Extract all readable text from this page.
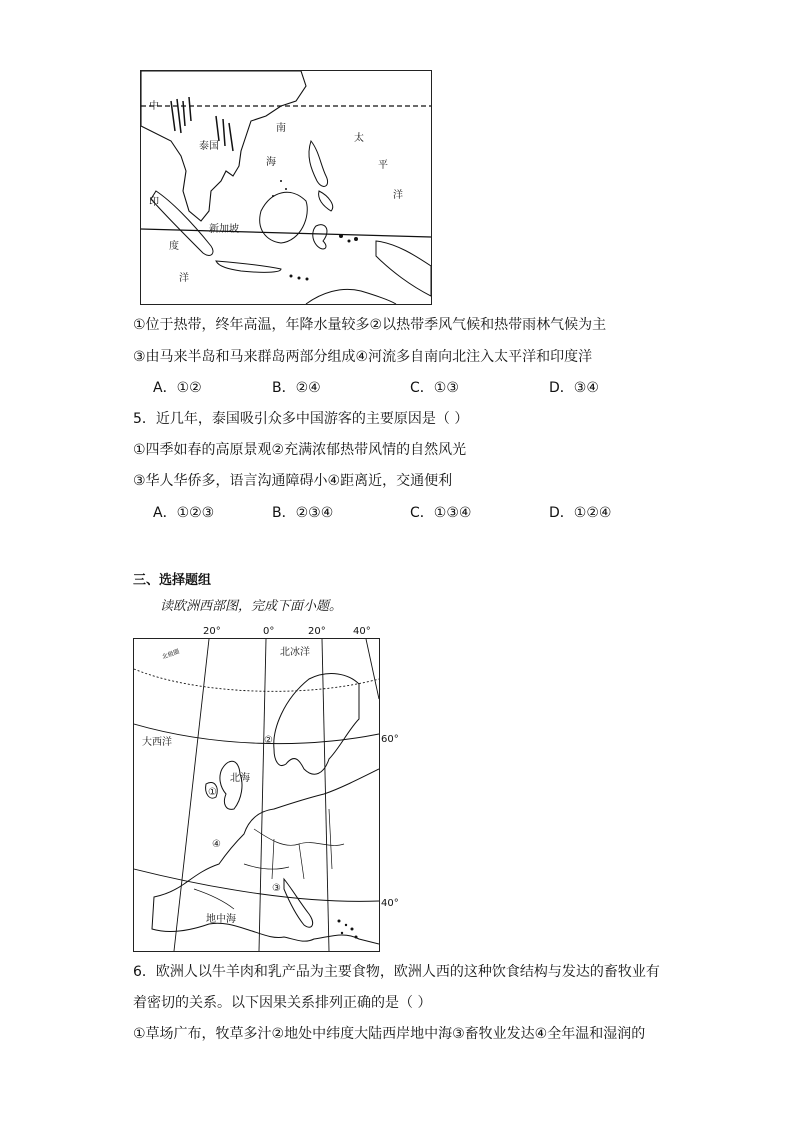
中
南
泰国
海
太
平
洋
印
新加坡
度
洋
①位于热带，终年高温，年降水量较多②以热带季风气候和热带雨林气候为主
③由马来半岛和马来群岛两部分组成④河流多自南向北注入太平洋和印度洋
A．①②	B．②④	C．①③	D．③④
5．近几年，泰国吸引众多中国游客的主要原因是（ ）
①四季如春的高原景观②充满浓郁热带风情的自然风光
③华人华侨多，语言沟通障碍小④距离近，交通便利
A．①②③	B．②③④	C．①③④	D．①②④
三、选择题组
读欧洲西部图，完成下面小题。
20°	0°	20°	40°
北极圈	北冰洋
大西洋
北海
地中海
①
②
③
④
60°
40°
6．欧洲人以牛羊肉和乳产品为主要食物，欧洲人西的这种饮食结构与发达的畜牧业有
着密切的关系。以下因果关系排列正确的是（ ）
①草场广布，牧草多汁②地处中纬度大陆西岸地中海③畜牧业发达④全年温和湿润的
